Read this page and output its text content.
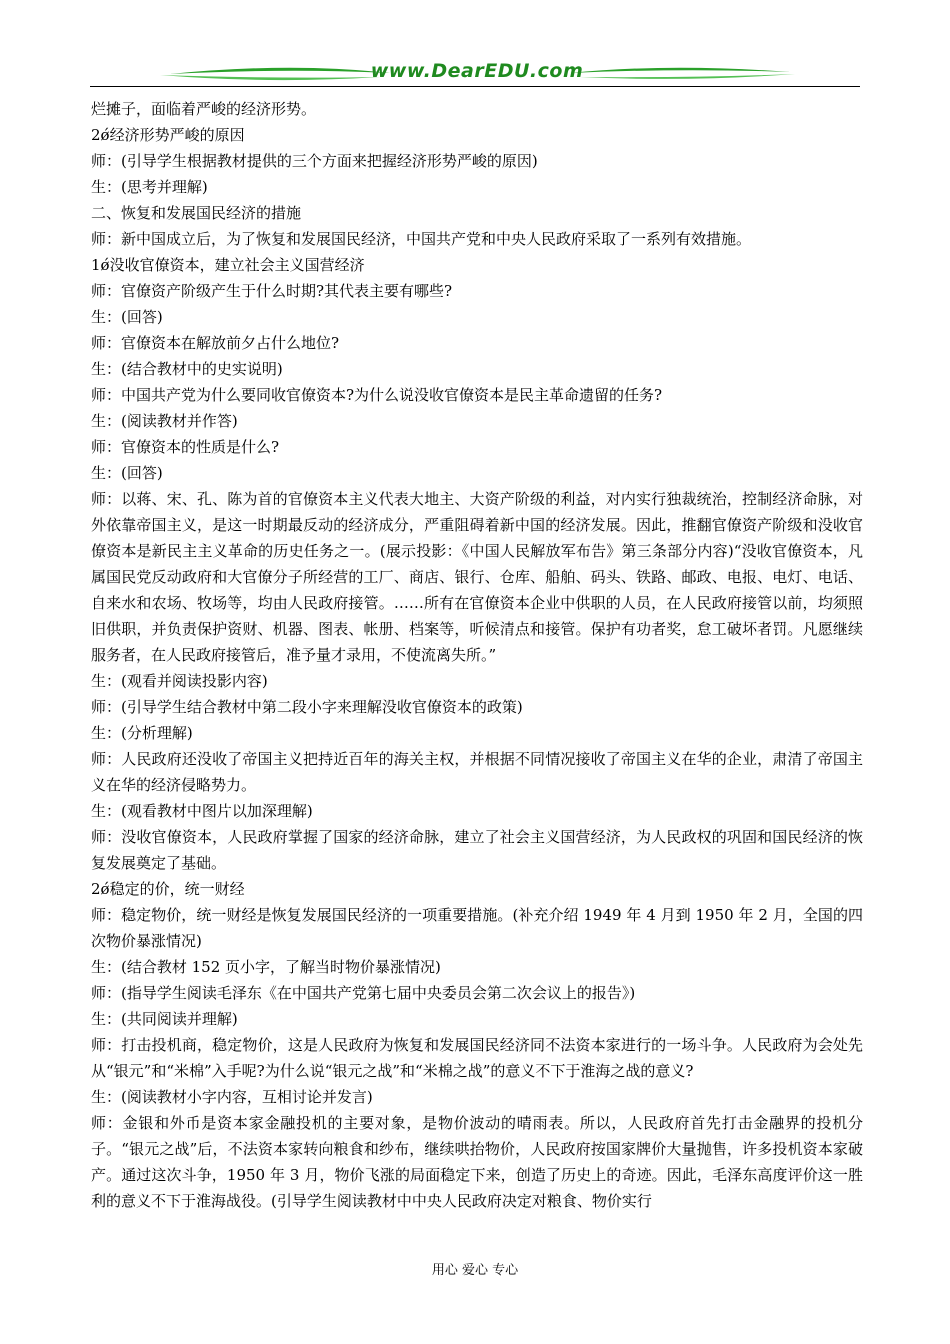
www.DearEDU.com

烂摊子，面临着严峻的经济形势。

2ǿ经济形势严峻的原因

师：(引导学生根据教材提供的三个方面来把握经济形势严峻的原因)

生：(思考并理解)

二、恢复和发展国民经济的措施

师：新中国成立后，为了恢复和发展国民经济，中国共产党和中央人民政府采取了一系列有效措施。

1ǿ没收官僚资本，建立社会主义国营经济

师：官僚资产阶级产生于什么时期?其代表主要有哪些?

生：(回答)

师：官僚资本在解放前夕占什么地位?

生：(结合教材中的史实说明)

师：中国共产党为什么要同收官僚资本?为什么说没收官僚资本是民主革命遗留的任务?

生：(阅读教材并作答)

师：官僚资本的性质是什么?

生：(回答)

师：以蒋、宋、孔、陈为首的官僚资本主义代表大地主、大资产阶级的利益，对内实行独裁统治，控制经济命脉，对外依靠帝国主义，是这一时期最反动的经济成分，严重阻碍着新中国的经济发展。因此，推翻官僚资产阶级和没收官僚资本是新民主主义革命的历史任务之一。(展示投影：《中国人民解放军布告》第三条部分内容)“没收官僚资本，凡属国民党反动政府和大官僚分子所经营的工厂、商店、银行、仓库、船舶、码头、铁路、邮政、电报、电灯、电话、自来水和农场、牧场等，均由人民政府接管。……所有在官僚资本企业中供职的人员，在人民政府接管以前，均须照旧供职，并负责保护资财、机器、图表、帐册、档案等，听候清点和接管。保护有功者奖，怠工破坏者罚。凡愿继续服务者，在人民政府接管后，准予量才录用，不使流离失所。”

生：(观看并阅读投影内容)

师：(引导学生结合教材中第二段小字来理解没收官僚资本的政策)

生：(分析理解)

师：人民政府还没收了帝国主义把持近百年的海关主权，并根据不同情况接收了帝国主义在华的企业，肃清了帝国主义在华的经济侵略势力。

生：(观看教材中图片以加深理解)

师：没收官僚资本，人民政府掌握了国家的经济命脉，建立了社会主义国营经济，为人民政权的巩固和国民经济的恢复发展奠定了基础。

2ǿ稳定的价，统一财经

师：稳定物价，统一财经是恢复发展国民经济的一项重要措施。(补充介绍 1949 年 4 月到 1950 年 2 月，全国的四次物价暴涨情况)

生：(结合教材 152 页小字，了解当时物价暴涨情况)

师：(指导学生阅读毛泽东《在中国共产党第七届中央委员会第二次会议上的报告》)

生：(共同阅读并理解)

师：打击投机商，稳定物价，这是人民政府为恢复和发展国民经济同不法资本家进行的一场斗争。人民政府为会处先从“银元”和“米棉”入手呢?为什么说“银元之战”和“米棉之战”的意义不下于淮海之战的意义?

生：(阅读教材小字内容，互相讨论并发言)

师：金银和外币是资本家金融投机的主要对象，是物价波动的晴雨表。所以，人民政府首先打击金融界的投机分子。“银元之战”后，不法资本家转向粮食和纱布，继续哄抬物价，人民政府按国家牌价大量抛售，许多投机资本家破产。通过这次斗争，1950 年 3 月，物价飞涨的局面稳定下来，创造了历史上的奇迹。因此，毛泽东高度评价这一胜利的意义不下于淮海战役。(引导学生阅读教材中中央人民政府决定对粮食、物价实行

用心 爱心 专心
